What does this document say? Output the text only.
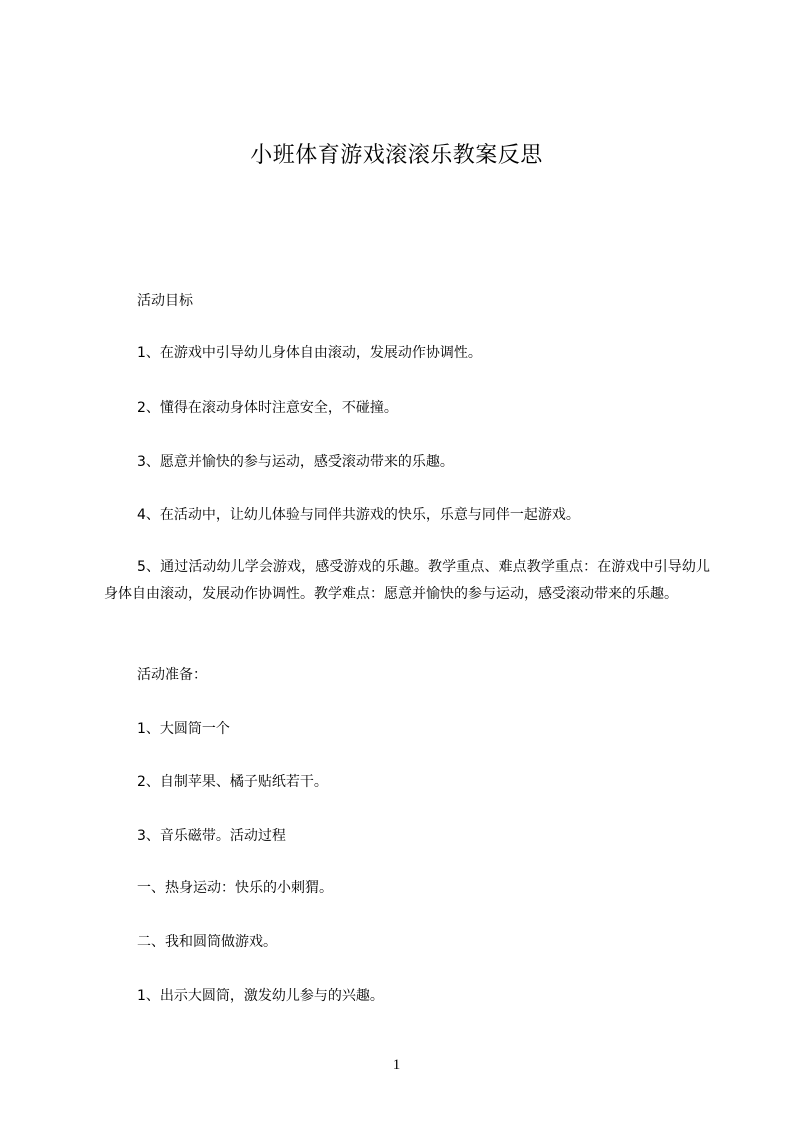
小班体育游戏滚滚乐教案反思
活动目标
1、在游戏中引导幼儿身体自由滚动，发展动作协调性。
2、懂得在滚动身体时注意安全，不碰撞。
3、愿意并愉快的参与运动，感受滚动带来的乐趣。
4、在活动中，让幼儿体验与同伴共游戏的快乐，乐意与同伴一起游戏。
5、通过活动幼儿学会游戏，感受游戏的乐趣。教学重点、难点教学重点：在游戏中引导幼儿身体自由滚动，发展动作协调性。教学难点：愿意并愉快的参与运动，感受滚动带来的乐趣。
活动准备：
1、大圆筒一个
2、自制苹果、橘子贴纸若干。
3、音乐磁带。活动过程
一、热身运动：快乐的小刺猬。
二、我和圆筒做游戏。
1、出示大圆筒，激发幼儿参与的兴趣。
1
